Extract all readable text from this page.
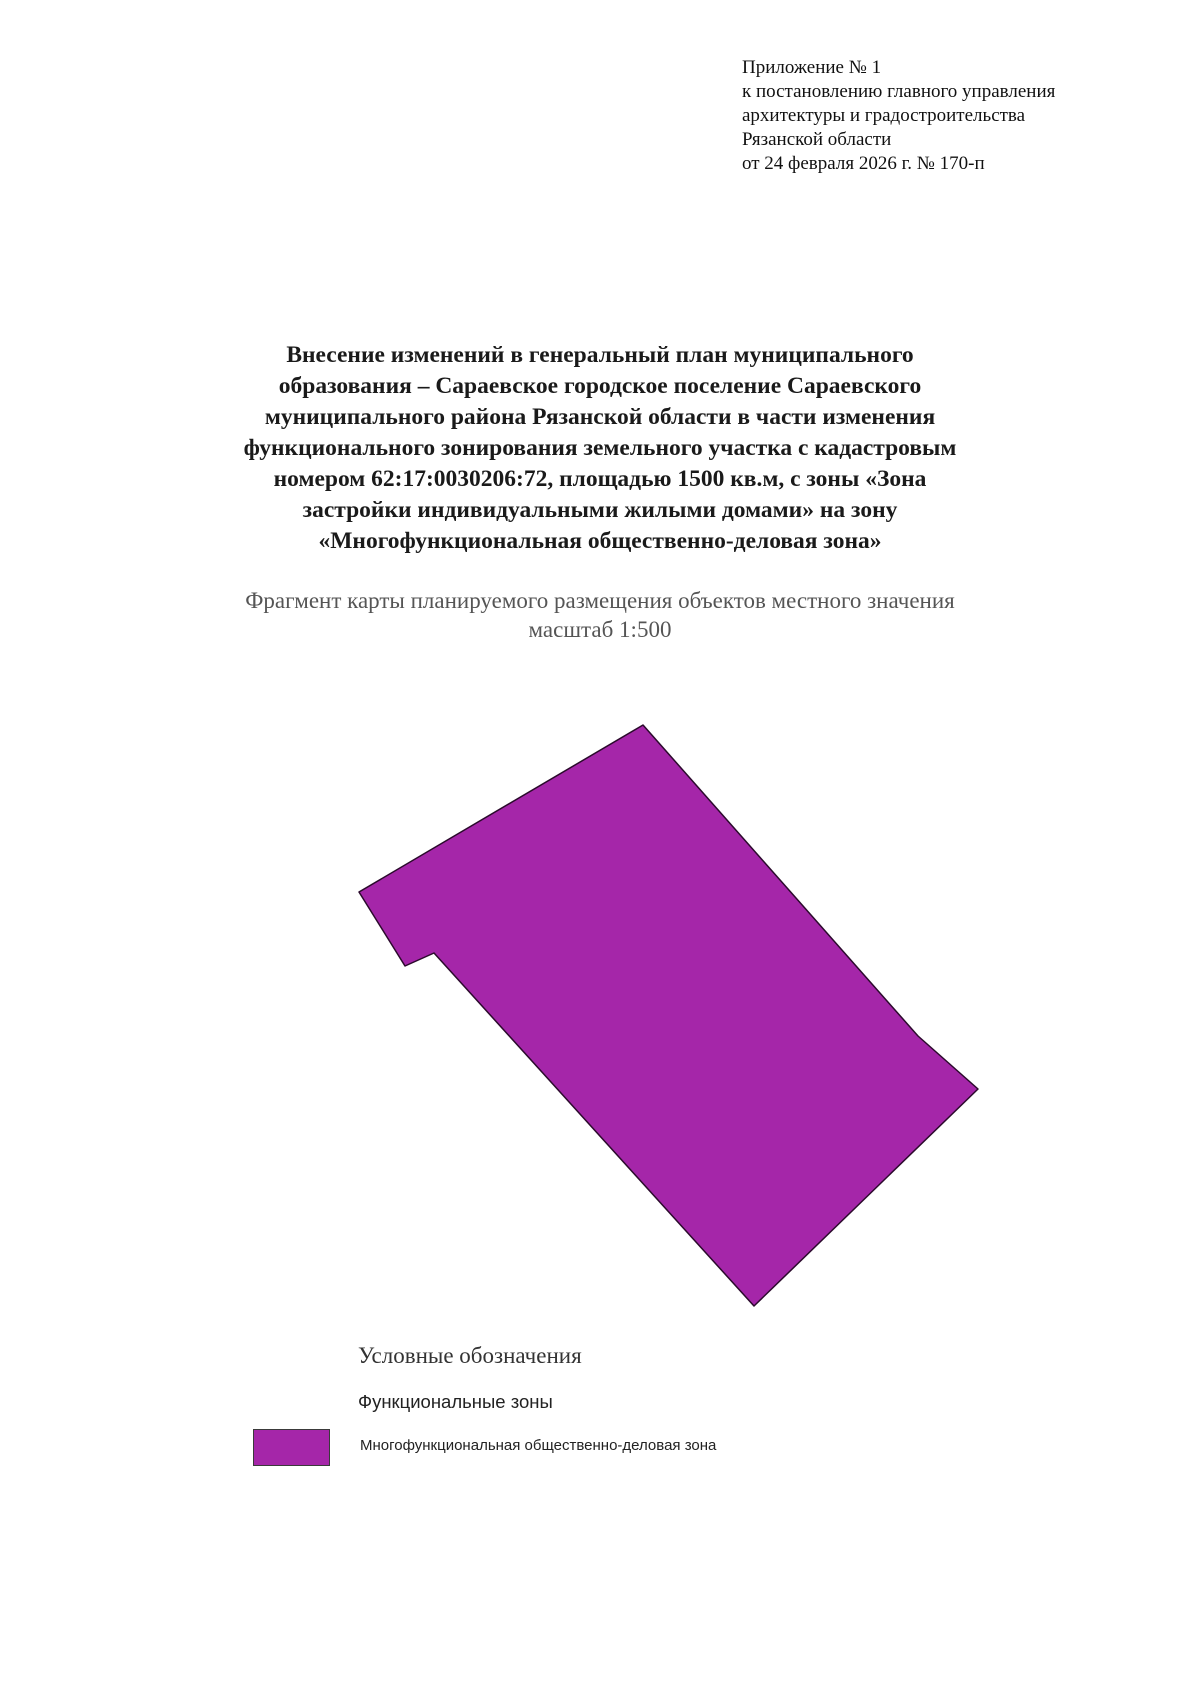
Приложение № 1
к постановлению главного управления
архитектуры и градостроительства
Рязанской области
от 24 февраля 2026 г. № 170-п
Внесение изменений в генеральный план муниципального
образования – Сараевское городское поселение Сараевского
муниципального района Рязанской области в части изменения
функционального зонирования земельного участка с кадастровым
номером 62:17:0030206:72, площадью 1500 кв.м, с зоны «Зона
застройки индивидуальными жилыми домами» на зону
«Многофункциональная общественно-деловая зона»
Фрагмент карты планируемого размещения объектов местного значения
масштаб 1:500
Условные обозначения
Функциональные зоны
Многофункциональная общественно-деловая зона
